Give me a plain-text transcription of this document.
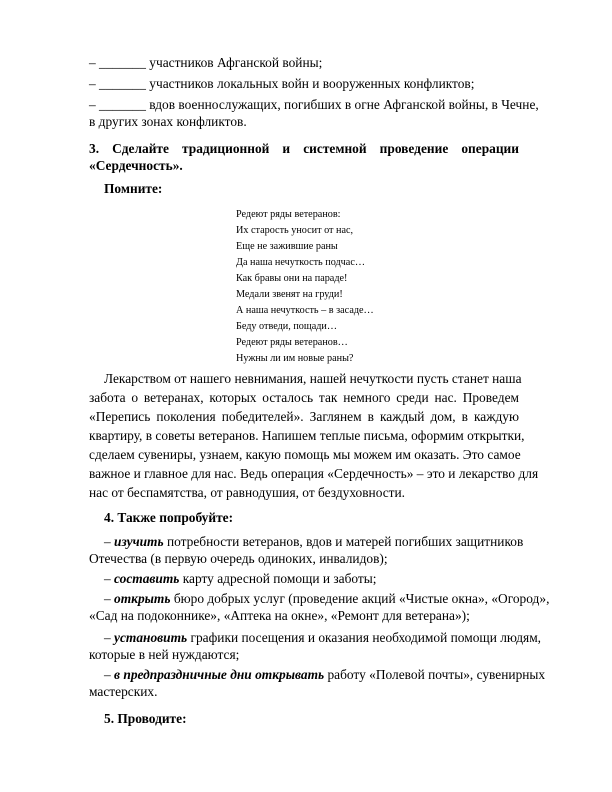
– _______ участников Афганской войны;
– _______ участников локальных войн и вооруженных конфликтов;
– _______ вдов военнослужащих, погибших в огне Афганской войны, в Чечне,
в других зонах конфликтов.
3. Сделайте традиционной и системной проведение операции
«Сердечность».
Помните:
Редеют ряды ветеранов:
Их старость уносит от нас,
Еще не зажившие раны
Да наша нечуткость подчас…
Как бравы они на параде!
Медали звенят на груди!
А наша нечуткость – в засаде…
Беду отведи, пощади…
Редеют ряды ветеранов…
Нужны ли им новые раны?
Лекарством от нашего невнимания, нашей нечуткости пусть станет наша
забота о ветеранах, которых осталось так немного среди нас. Проведем
«Перепись поколения победителей». Заглянем в каждый дом, в каждую
квартиру, в советы ветеранов. Напишем теплые письма, оформим открытки,
сделаем сувениры, узнаем, какую помощь мы можем им оказать. Это самое
важное и главное для нас. Ведь операция «Сердечность» – это и лекарство для
нас от беспамятства, от равнодушия, от бездуховности.
4. Также попробуйте:
– изучить потребности ветеранов, вдов и матерей погибших защитников
Отечества (в первую очередь одиноких, инвалидов);
– составить карту адресной помощи и заботы;
– открыть бюро добрых услуг (проведение акций «Чистые окна», «Огород»,
«Сад на подоконнике», «Аптека на окне», «Ремонт для ветерана»);
– установить графики посещения и оказания необходимой помощи людям,
которые в ней нуждаются;
– в предпраздничные дни открывать работу «Полевой почты», сувенирных
мастерских.
5. Проводите:
